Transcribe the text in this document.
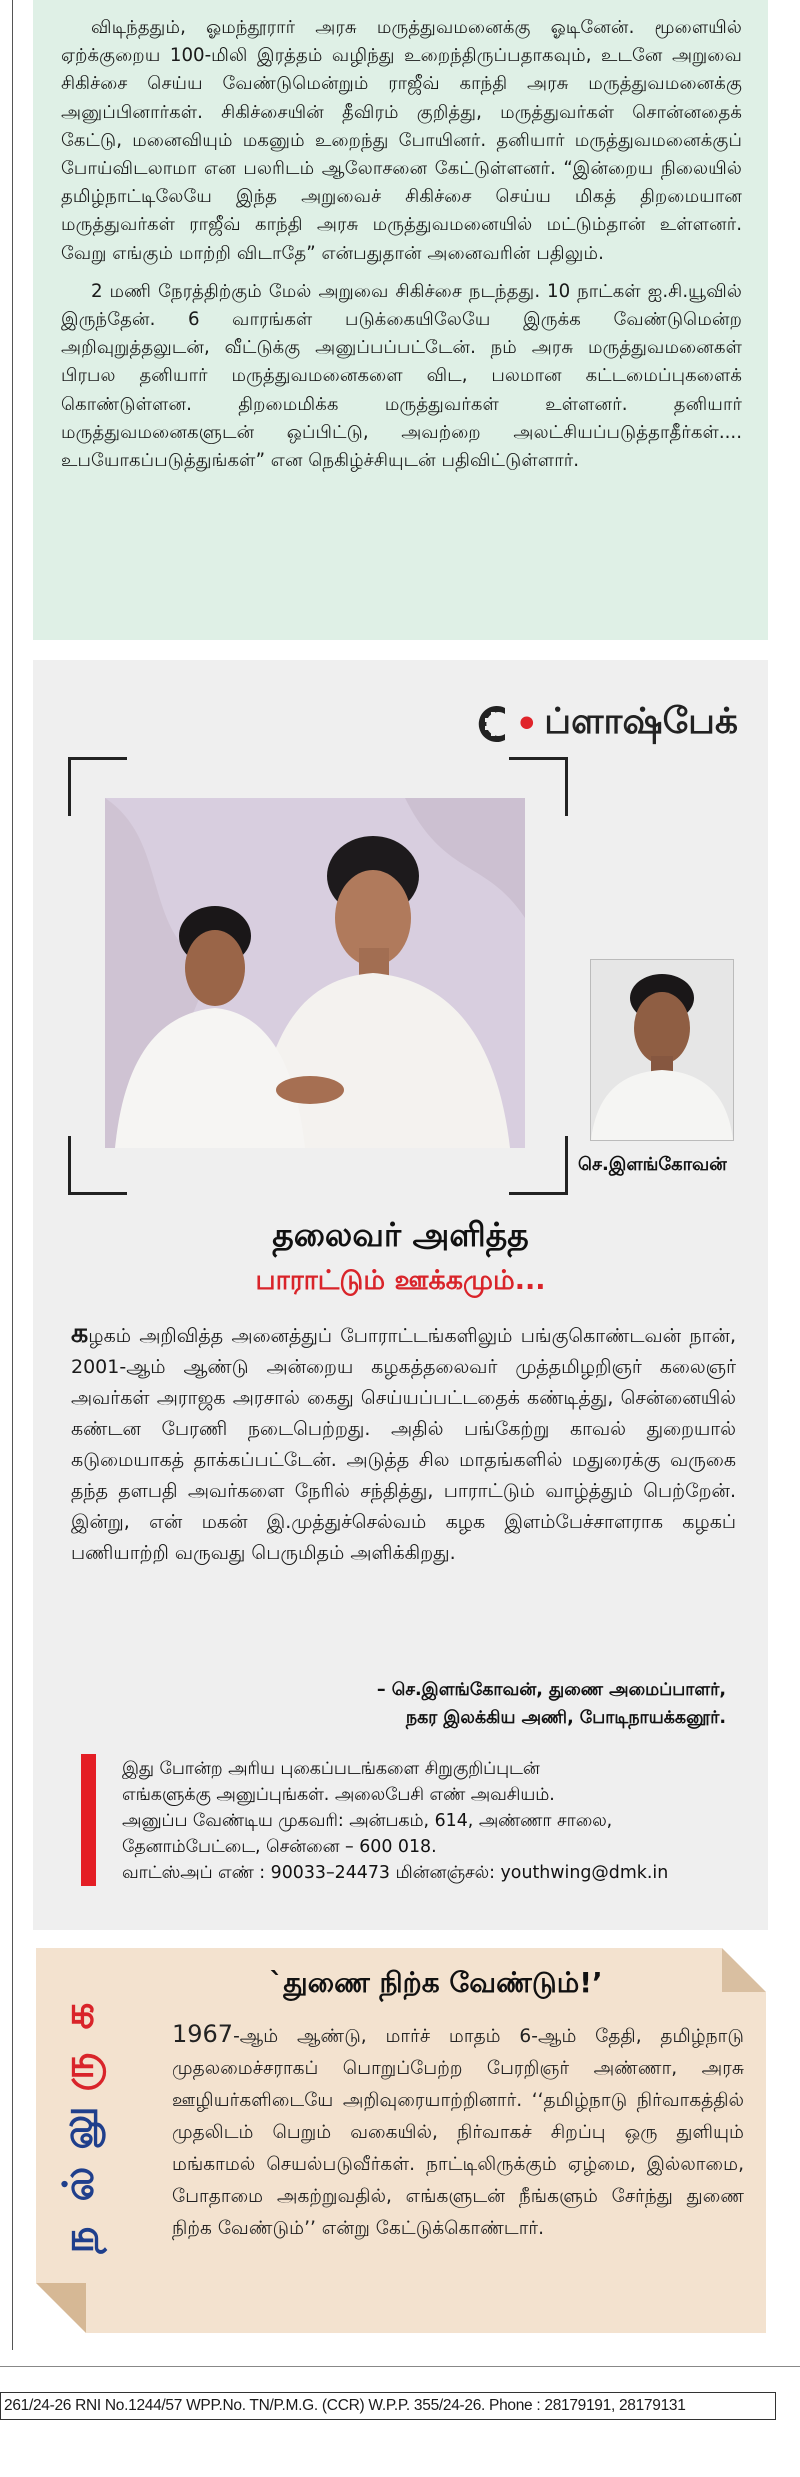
விடிந்ததும், ஓமந்தூரார் அரசு மருத்துவமனைக்கு ஓடினேன். மூளையில் ஏற்க்குறைய 100-மிலி இரத்தம் வழிந்து உறைந்திருப்பதாகவும், உடனே அறுவை சிகிச்சை செய்ய வேண்டுமென்றும் ராஜீவ் காந்தி அரசு மருத்துவமனைக்கு அனுப்பினார்கள். சிகிச்சையின் தீவிரம் குறித்து, மருத்துவர்கள் சொன்னதைக் கேட்டு, மனைவியும் மகனும் உறைந்து போயினர். தனியார் மருத்துவமனைக்குப் போய்விடலாமா என பலரிடம் ஆலோசனை கேட்டுள்ளனர். “இன்றைய நிலையில் தமிழ்நாட்டிலேயே இந்த அறுவைச் சிகிச்சை செய்ய மிகத் திறமையான மருத்துவர்கள் ராஜீவ் காந்தி அரசு மருத்துவமனையில் மட்டும்தான் உள்ளனர். வேறு எங்கும் மாற்றி விடாதே” என்பதுதான் அனைவரின் பதிலும்.

2 மணி நேரத்திற்கும் மேல் அறுவை சிகிச்சை நடந்தது. 10 நாட்கள் ஐ.சி.யூவில் இருந்தேன். 6 வாரங்கள் படுக்கையிலேயே இருக்க வேண்டுமென்ற அறிவுறுத்தலுடன், வீட்டுக்கு அனுப்பப்பட்டேன். நம் அரசு மருத்துவமனைகள் பிரபல தனியார் மருத்துவமனைகளை விட, பலமான கட்டமைப்புகளைக் கொண்டுள்ளன. திறமைமிக்க மருத்துவர்கள் உள்ளனர். தனியார் மருத்துவமனைகளுடன் ஒப்பிட்டு, அவற்றை அலட்சியப்படுத்தாதீர்கள்.... உபயோகப்படுத்துங்கள்” என நெகிழ்ச்சியுடன் பதிவிட்டுள்ளார்.

• ப்ளாஷ்பேக்
செ.இளங்கோவன்
தலைவர் அளித்த
பாராட்டும் ஊக்கமும்...

கழகம் அறிவித்த அனைத்துப் போராட்டங்களிலும் பங்குகொண்டவன் நான், 2001-ஆம் ஆண்டு அன்றைய கழகத்தலைவர் முத்தமிழறிஞர் கலைஞர் அவர்கள் அராஜக அரசால் கைது செய்யப்பட்டதைக் கண்டித்து, சென்னையில் கண்டன பேரணி நடைபெற்றது. அதில் பங்கேற்று காவல் துறையால் கடுமையாகத் தாக்கப்பட்டேன். அடுத்த சில மாதங்களில் மதுரைக்கு வருகை தந்த தளபதி அவர்களை நேரில் சந்தித்து, பாராட்டும் வாழ்த்தும் பெற்றேன். இன்று, என் மகன் இ.முத்துச்செல்வம் கழக இளம்பேச்சாளராக கழகப் பணியாற்றி வருவது பெருமிதம் அளிக்கிறது.

– செ.இளங்கோவன், துணை அமைப்பாளர்,
நகர இலக்கிய அணி, போடிநாயக்கனூர்.
இது போன்ற அரிய புகைப்படங்களை சிறுகுறிப்புடன்
எங்களுக்கு அனுப்புங்கள். அலைபேசி எண் அவசியம்.
அனுப்ப வேண்டிய முகவரி: அன்பகம், 614, அண்ணா சாலை,
தேனாம்பேட்டை, சென்னை – 600 018.
வாட்ஸ்அப் எண் : 90033–24473 மின்னஞ்சல்: youthwing@dmk.in
ந
ல்
லு
ரு
க
`துணை நிற்க வேண்டும்!’

1967-ஆம் ஆண்டு, மார்ச் மாதம் 6-ஆம் தேதி, தமிழ்நாடு முதலமைச்சராகப் பொறுப்பேற்ற பேரறிஞர் அண்ணா, அரசு ஊழியர்களிடையே அறிவுரையாற்றினார். ‘‘தமிழ்நாடு நிர்வாகத்தில் முதலிடம் பெறும் வகையில், நிர்வாகச் சிறப்பு ஒரு துளியும் மங்காமல் செயல்படுவீர்கள். நாட்டிலிருக்கும் ஏழ்மை, இல்லாமை, போதாமை அகற்றுவதில், எங்களுடன் நீங்களும் சேர்ந்து துணை நிற்க வேண்டும்’’ என்று கேட்டுக்கொண்டார்.

261/24-26 RNI No.1244/57 WPP.No. TN/P.M.G. (CCR) W.P.P. 355/24-26. Phone : 28179191, 28179131
